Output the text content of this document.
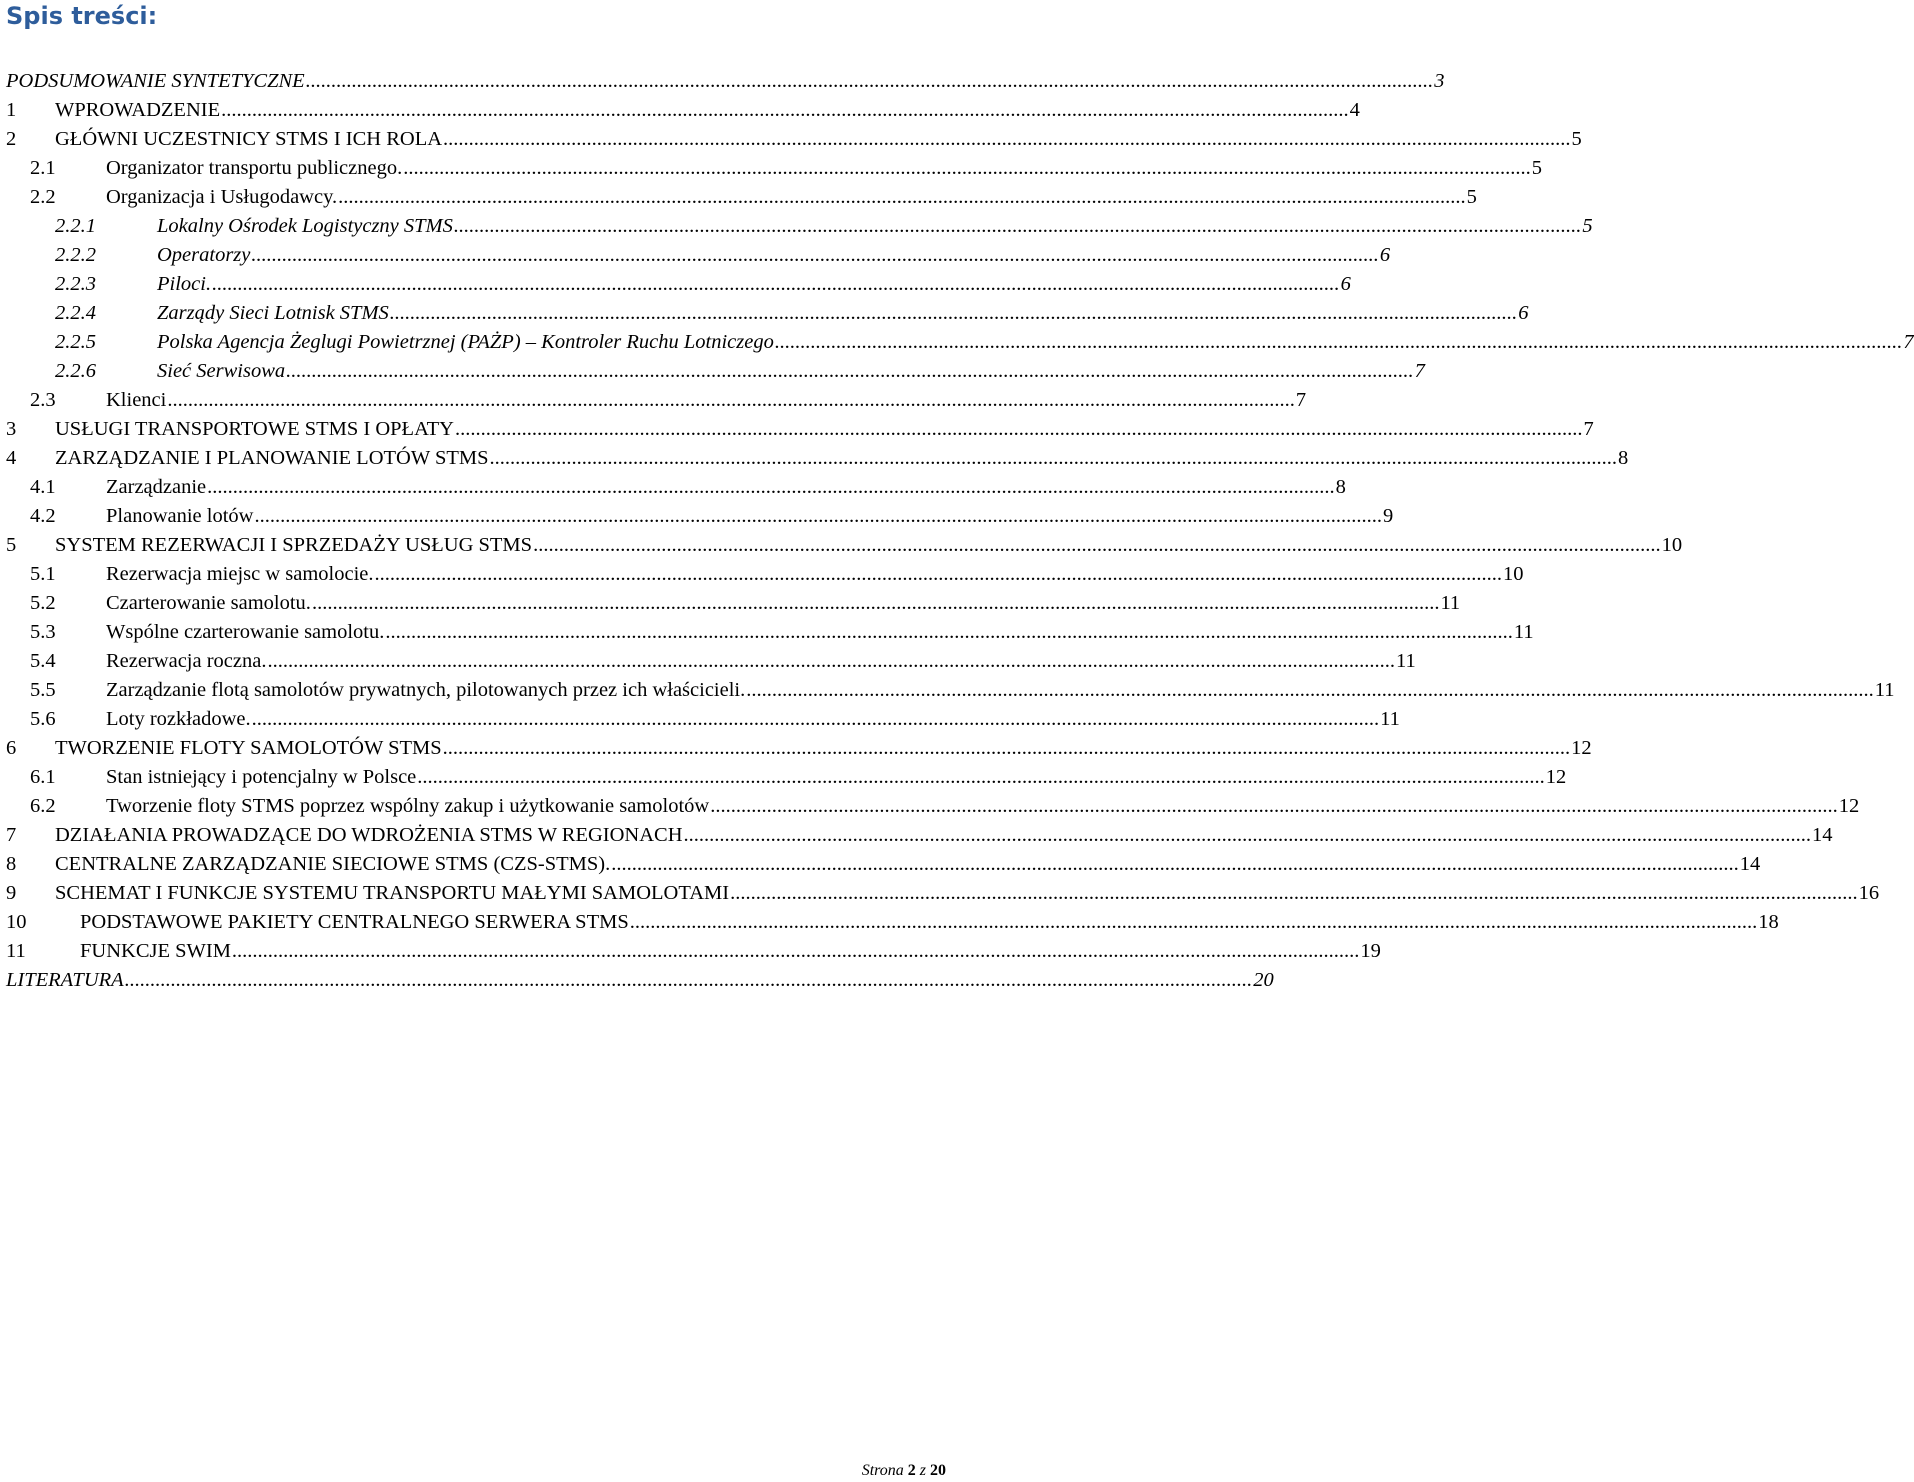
Spis treści:
PODSUMOWANIE SYNTETYCZNE ............................................................................................................................................................................................................................ 3
1 WPROWADZENIE ............................................................................................................................................................................................................................ 4
2 GŁÓWNI UCZESTNICY STMS I ICH ROLA ............................................................................................................................................................................................................................ 5
2.1 Organizator transportu publicznego. ............................................................................................................................................................................................................................ 5
2.2 Organizacja i Usługodawcy. ............................................................................................................................................................................................................................ 5
2.2.1	Lokalny Ośrodek Logistyczny STMS ............................................................................................................................................................................................................................ 5
2.2.2	Operatorzy ............................................................................................................................................................................................................................ 6
2.2.3	Piloci. ............................................................................................................................................................................................................................ 6
2.2.4	Zarządy Sieci Lotnisk STMS ............................................................................................................................................................................................................................ 6
2.2.5	Polska Agencja Żeglugi Powietrznej (PAŻP) – Kontroler Ruchu Lotniczego ............................................................................................................................................................................................................................ 7
2.2.6	Sieć Serwisowa ............................................................................................................................................................................................................................ 7
2.3 Klienci ............................................................................................................................................................................................................................ 7
3 USŁUGI TRANSPORTOWE STMS I OPŁATY ............................................................................................................................................................................................................................ 7
4 ZARZĄDZANIE I PLANOWANIE LOTÓW STMS ............................................................................................................................................................................................................................ 8
4.1 Zarządzanie ............................................................................................................................................................................................................................ 8
4.2 Planowanie lotów ............................................................................................................................................................................................................................ 9
5 SYSTEM REZERWACJI I SPRZEDAŻY USŁUG STMS ............................................................................................................................................................................................................................ 10
5.1 Rezerwacja miejsc w samolocie. ............................................................................................................................................................................................................................ 10
5.2 Czarterowanie samolotu. ............................................................................................................................................................................................................................ 11
5.3 Wspólne czarterowanie samolotu. ............................................................................................................................................................................................................................ 11
5.4 Rezerwacja roczna. ............................................................................................................................................................................................................................ 11
5.5 Zarządzanie flotą samolotów prywatnych, pilotowanych przez ich właścicieli. ............................................................................................................................................................................................................................ 11
5.6 Loty rozkładowe. ............................................................................................................................................................................................................................ 11
6 TWORZENIE FLOTY SAMOLOTÓW STMS ............................................................................................................................................................................................................................ 12
6.1 Stan istniejący i potencjalny w Polsce ............................................................................................................................................................................................................................ 12
6.2 Tworzenie floty STMS poprzez wspólny zakup i użytkowanie samolotów ............................................................................................................................................................................................................................ 12
7 DZIAŁANIA PROWADZĄCE DO WDROŻENIA STMS W REGIONACH ............................................................................................................................................................................................................................ 14
8 CENTRALNE ZARZĄDZANIE SIECIOWE STMS (CZS-STMS). ............................................................................................................................................................................................................................ 14
9 SCHEMAT I FUNKCJE SYSTEMU TRANSPORTU MAŁYMI SAMOLOTAMI ............................................................................................................................................................................................................................ 16
10	PODSTAWOWE PAKIETY CENTRALNEGO SERWERA STMS ............................................................................................................................................................................................................................ 18
11	FUNKCJE SWIM ............................................................................................................................................................................................................................ 19
LITERATURA ............................................................................................................................................................................................................................ 20
Strona 2 z 20
